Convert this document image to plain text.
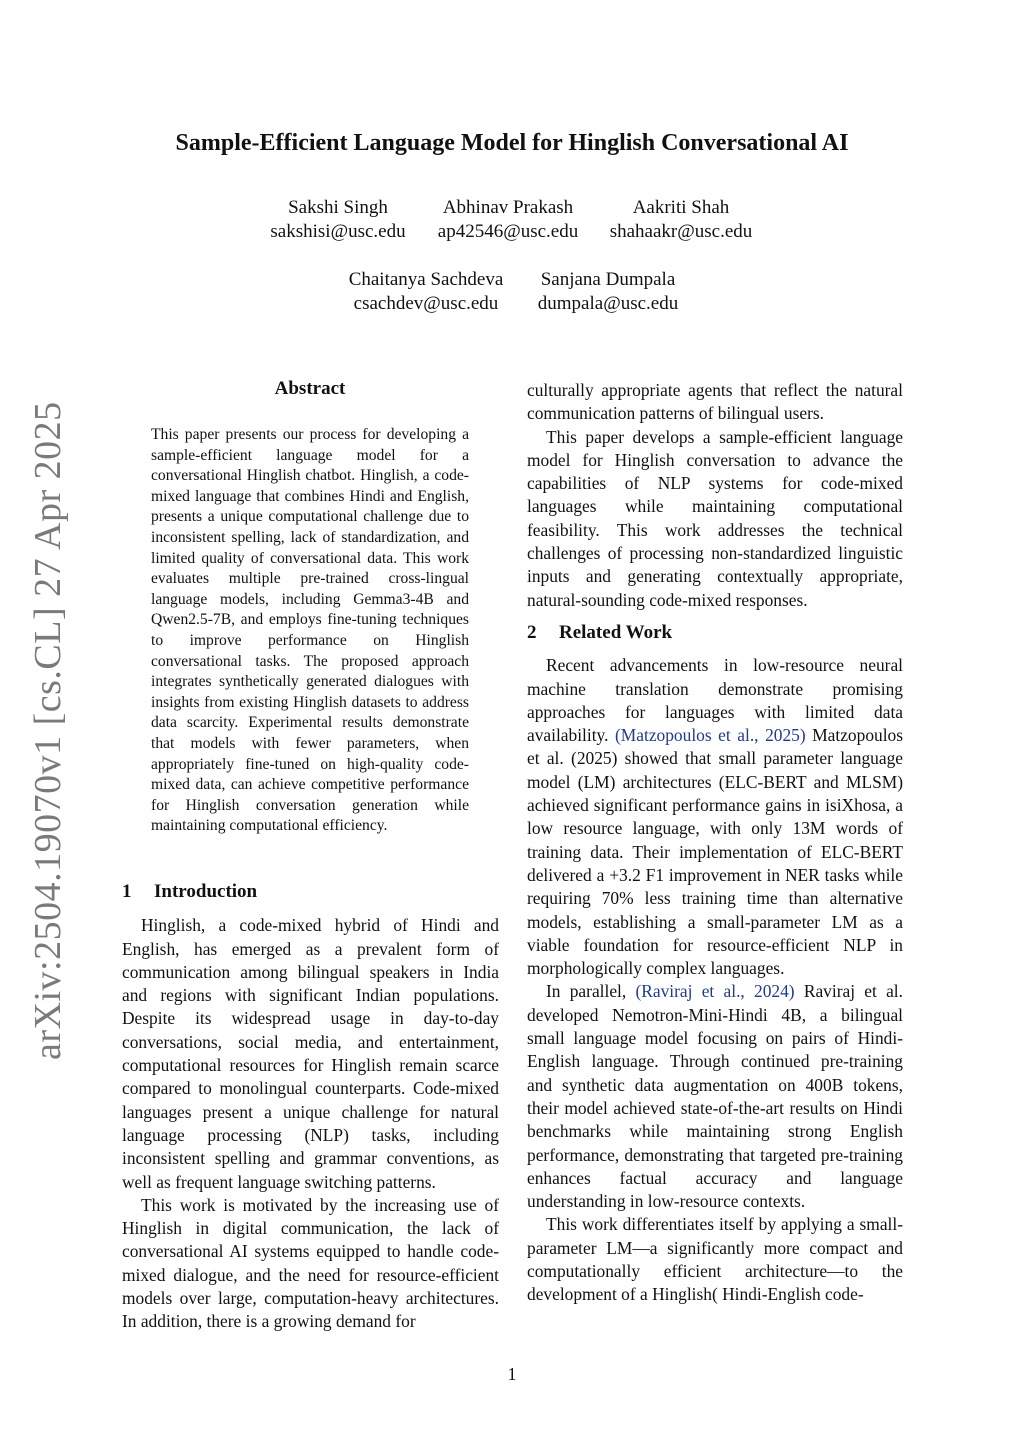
arXiv:2504.19070v1 [cs.CL] 27 Apr 2025
Sample-Efficient Language Model for Hinglish Conversational AI
Sakshi Singh
sakshisi@usc.edu
Abhinav Prakash
ap42546@usc.edu
Aakriti Shah
shahaakr@usc.edu
Chaitanya Sachdeva
csachdev@usc.edu
Sanjana Dumpala
dumpala@usc.edu
Abstract
This paper presents our process for developing a sample-efficient language model for a conversational Hinglish chatbot. Hinglish, a code-mixed language that combines Hindi and English, presents a unique computational challenge due to inconsistent spelling, lack of standardization, and limited quality of conversational data. This work evaluates multiple pre-trained cross-lingual language models, including Gemma3-4B and Qwen2.5-7B, and employs fine-tuning techniques to improve performance on Hinglish conversational tasks. The proposed approach integrates synthetically generated dialogues with insights from existing Hinglish datasets to address data scarcity. Experimental results demonstrate that models with fewer parameters, when appropriately fine-tuned on high-quality code-mixed data, can achieve competitive performance for Hinglish conversation generation while maintaining computational efficiency.
1 Introduction

Hinglish, a code-mixed hybrid of Hindi and English, has emerged as a prevalent form of communication among bilingual speakers in India and regions with significant Indian populations. Despite its widespread usage in day-to-day conversations, social media, and entertainment, computational resources for Hinglish remain scarce compared to monolingual counterparts. Code-mixed languages present a unique challenge for natural language processing (NLP) tasks, including inconsistent spelling and grammar conventions, as well as frequent language switching patterns.

This work is motivated by the increasing use of Hinglish in digital communication, the lack of conversational AI systems equipped to handle code-mixed dialogue, and the need for resource-efficient models over large, computation-heavy architectures. In addition, there is a growing demand for

culturally appropriate agents that reflect the natural communication patterns of bilingual users.

This paper develops a sample-efficient language model for Hinglish conversation to advance the capabilities of NLP systems for code-mixed languages while maintaining computational feasibility. This work addresses the technical challenges of processing non-standardized linguistic inputs and generating contextually appropriate, natural-sounding code-mixed responses.

2 Related Work

Recent advancements in low-resource neural machine translation demonstrate promising approaches for languages with limited data availability. (Matzopoulos et al., 2025) Matzopoulos et al. (2025) showed that small parameter language model (LM) architectures (ELC-BERT and MLSM) achieved significant performance gains in isiXhosa, a low resource language, with only 13M words of training data. Their implementation of ELC-BERT delivered a +3.2 F1 improvement in NER tasks while requiring 70% less training time than alternative models, establishing a small-parameter LM as a viable foundation for resource-efficient NLP in morphologically complex languages.

In parallel, (Raviraj et al., 2024) Raviraj et al. developed Nemotron-Mini-Hindi 4B, a bilingual small language model focusing on pairs of Hindi-English language. Through continued pre-training and synthetic data augmentation on 400B tokens, their model achieved state-of-the-art results on Hindi benchmarks while maintaining strong English performance, demonstrating that targeted pre-training enhances factual accuracy and language understanding in low-resource contexts.

This work differentiates itself by applying a small-parameter LM—a significantly more compact and computationally efficient architecture—to the development of a Hinglish( Hindi-English code-

1
